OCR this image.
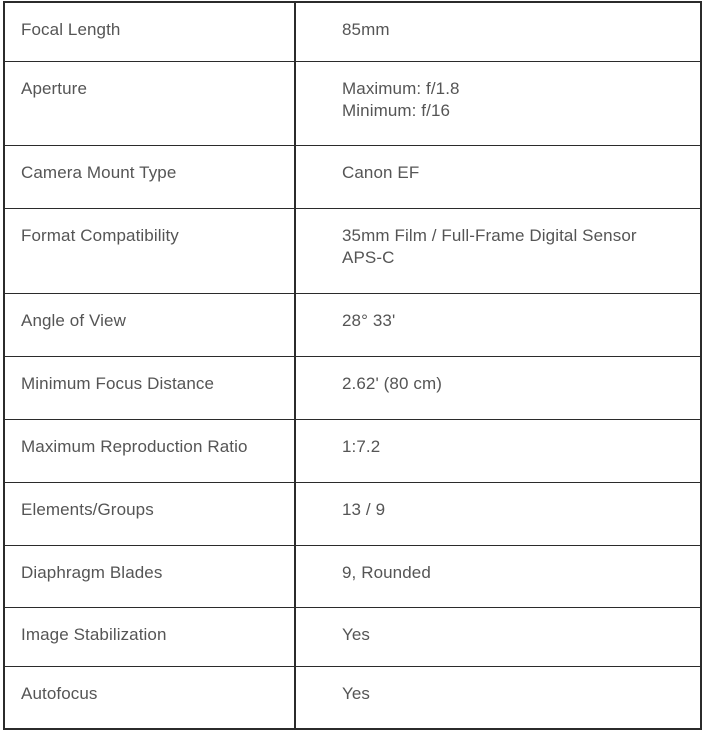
Focal Length	85mm

Aperture	Maximum: f/1.8
Minimum: f/16

Camera Mount Type	Canon EF

Format Compatibility	35mm Film / Full-Frame Digital Sensor
APS-C

Angle of View	28° 33'

Minimum Focus Distance	2.62' (80 cm)

Maximum Reproduction Ratio	1:7.2

Elements/Groups	13 / 9

Diaphragm Blades	9, Rounded

Image Stabilization	Yes

Autofocus	Yes
